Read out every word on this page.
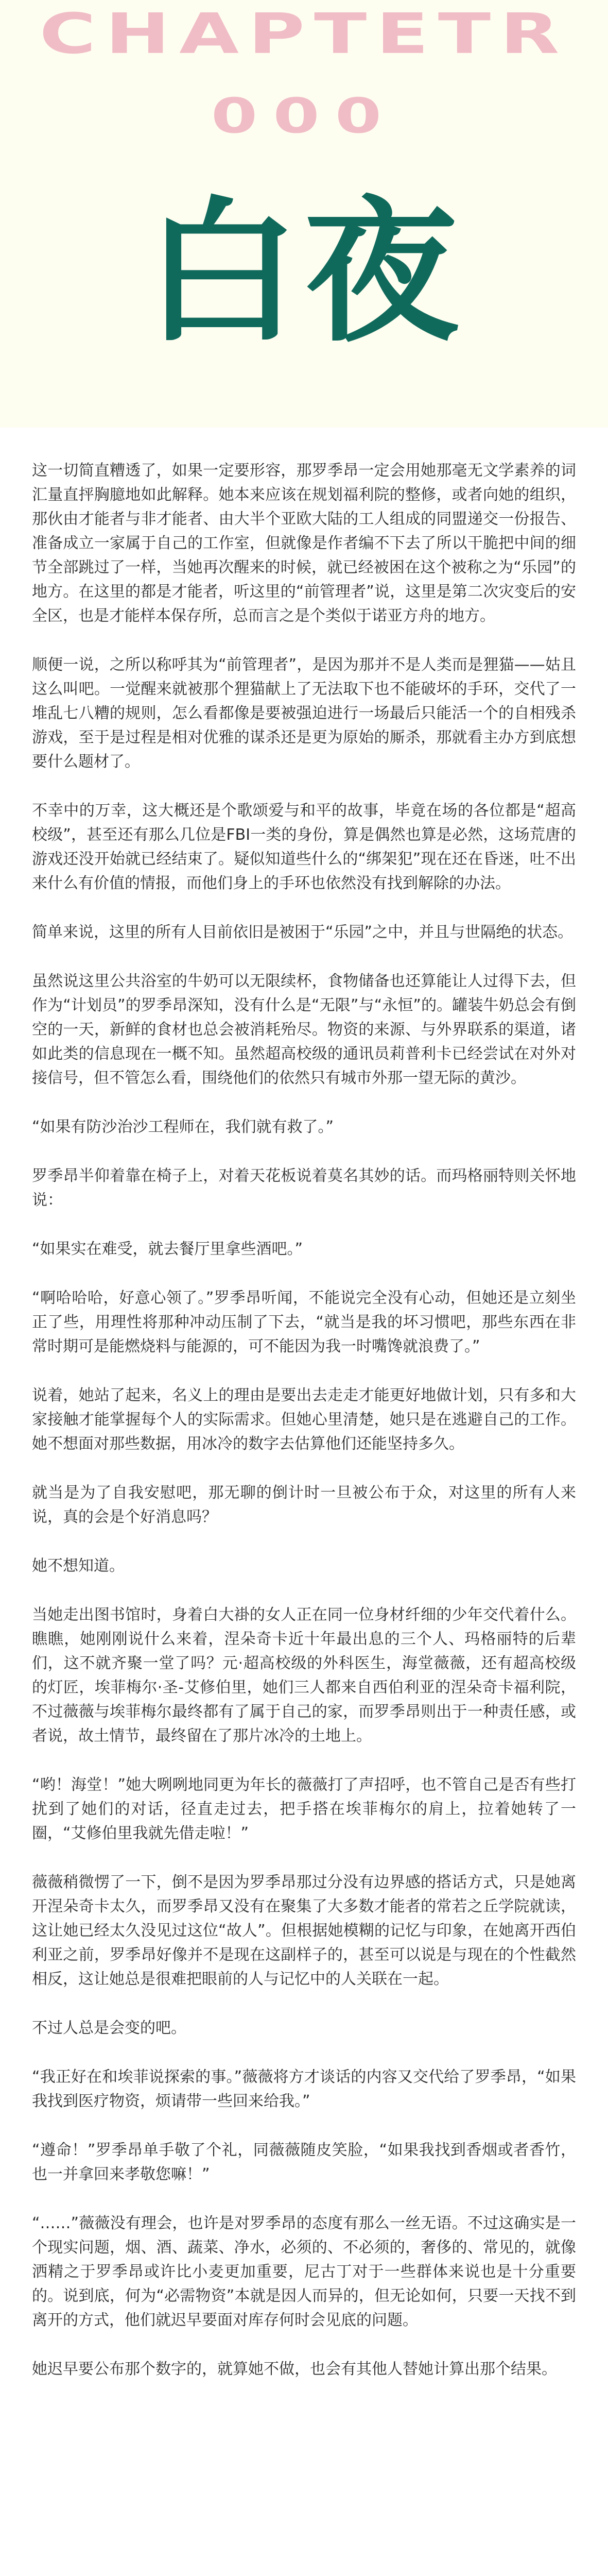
CHAPTETR
000
白夜

这一切简直糟透了，如果一定要形容，那罗季昂一定会用她那毫无文学素养的词汇量直抨胸臆地如此解释。她本来应该在规划福利院的整修，或者向她的组织，那伙由才能者与非才能者、由大半个亚欧大陆的工人组成的同盟递交一份报告、准备成立一家属于自己的工作室，但就像是作者编不下去了所以干脆把中间的细节全部跳过了一样，当她再次醒来的时候，就已经被困在这个被称之为“乐园”的地方。在这里的都是才能者，听这里的“前管理者”说，这里是第二次灾变后的安全区，也是才能样本保存所，总而言之是个类似于诺亚方舟的地方。

顺便一说，之所以称呼其为“前管理者”，是因为那并不是人类而是狸猫——姑且这么叫吧。一觉醒来就被那个狸猫献上了无法取下也不能破坏的手环，交代了一堆乱七八糟的规则，怎么看都像是要被强迫进行一场最后只能活一个的自相残杀游戏，至于是过程是相对优雅的谋杀还是更为原始的厮杀，那就看主办方到底想要什么题材了。

不幸中的万幸，这大概还是个歌颂爱与和平的故事，毕竟在场的各位都是“超高校级”，甚至还有那么几位是FBI一类的身份，算是偶然也算是必然，这场荒唐的游戏还没开始就已经结束了。疑似知道些什么的“绑架犯”现在还在昏迷，吐不出来什么有价值的情报，而他们身上的手环也依然没有找到解除的办法。

简单来说，这里的所有人目前依旧是被困于“乐园”之中，并且与世隔绝的状态。

虽然说这里公共浴室的牛奶可以无限续杯，食物储备也还算能让人过得下去，但作为“计划员”的罗季昂深知，没有什么是“无限”与“永恒”的。罐装牛奶总会有倒空的一天，新鲜的食材也总会被消耗殆尽。物资的来源、与外界联系的渠道，诸如此类的信息现在一概不知。虽然超高校级的通讯员莉普利卡已经尝试在对外对接信号，但不管怎么看，围绕他们的依然只有城市外那一望无际的黄沙。

“如果有防沙治沙工程师在，我们就有救了。”

罗季昂半仰着靠在椅子上，对着天花板说着莫名其妙的话。而玛格丽特则关怀地说：

“如果实在难受，就去餐厅里拿些酒吧。”

“啊哈哈哈，好意心领了。”罗季昂听闻，不能说完全没有心动，但她还是立刻坐正了些，用理性将那种冲动压制了下去，“就当是我的坏习惯吧，那些东西在非常时期可是能燃烧料与能源的，可不能因为我一时嘴馋就浪费了。”

说着，她站了起来，名义上的理由是要出去走走才能更好地做计划，只有多和大家接触才能掌握每个人的实际需求。但她心里清楚，她只是在逃避自己的工作。她不想面对那些数据，用冰冷的数字去估算他们还能坚持多久。

就当是为了自我安慰吧，那无聊的倒计时一旦被公布于众，对这里的所有人来说，真的会是个好消息吗？

她不想知道。

当她走出图书馆时，身着白大褂的女人正在同一位身材纤细的少年交代着什么。瞧瞧，她刚刚说什么来着，涅朵奇卡近十年最出息的三个人、玛格丽特的后辈们，这不就齐聚一堂了吗？元·超高校级的外科医生，海堂薇薇，还有超高校级的灯匠，埃菲梅尔·圣-艾修伯里，她们三人都来自西伯利亚的涅朵奇卡福利院，不过薇薇与埃菲梅尔最终都有了属于自己的家，而罗季昂则出于一种责任感，或者说，故土情节，最终留在了那片冰冷的土地上。

“哟！海堂！”她大咧咧地同更为年长的薇薇打了声招呼，也不管自己是否有些打扰到了她们的对话，径直走过去，把手搭在埃菲梅尔的肩上，拉着她转了一圈，“艾修伯里我就先借走啦！”

薇薇稍微愣了一下，倒不是因为罗季昂那过分没有边界感的搭话方式，只是她离开涅朵奇卡太久，而罗季昂又没有在聚集了大多数才能者的常若之丘学院就读，这让她已经太久没见过这位“故人”。但根据她模糊的记忆与印象，在她离开西伯利亚之前，罗季昂好像并不是现在这副样子的，甚至可以说是与现在的个性截然相反，这让她总是很难把眼前的人与记忆中的人关联在一起。

不过人总是会变的吧。

“我正好在和埃菲说探索的事。”薇薇将方才谈话的内容又交代给了罗季昂，“如果我找到医疗物资，烦请带一些回来给我。”

“遵命！”罗季昂单手敬了个礼，同薇薇随皮笑脸，“如果我找到香烟或者香竹，也一并拿回来孝敬您嘛！”

“……”薇薇没有理会，也许是对罗季昂的态度有那么一丝无语。不过这确实是一个现实问题，烟、酒、蔬菜、净水，必须的、不必须的，奢侈的、常见的，就像洒精之于罗季昂或许比小麦更加重要，尼古丁对于一些群体来说也是十分重要的。说到底，何为“必需物资”本就是因人而异的，但无论如何，只要一天找不到离开的方式，他们就迟早要面对库存何时会见底的问题。

她迟早要公布那个数字的，就算她不做，也会有其他人替她计算出那个结果。
